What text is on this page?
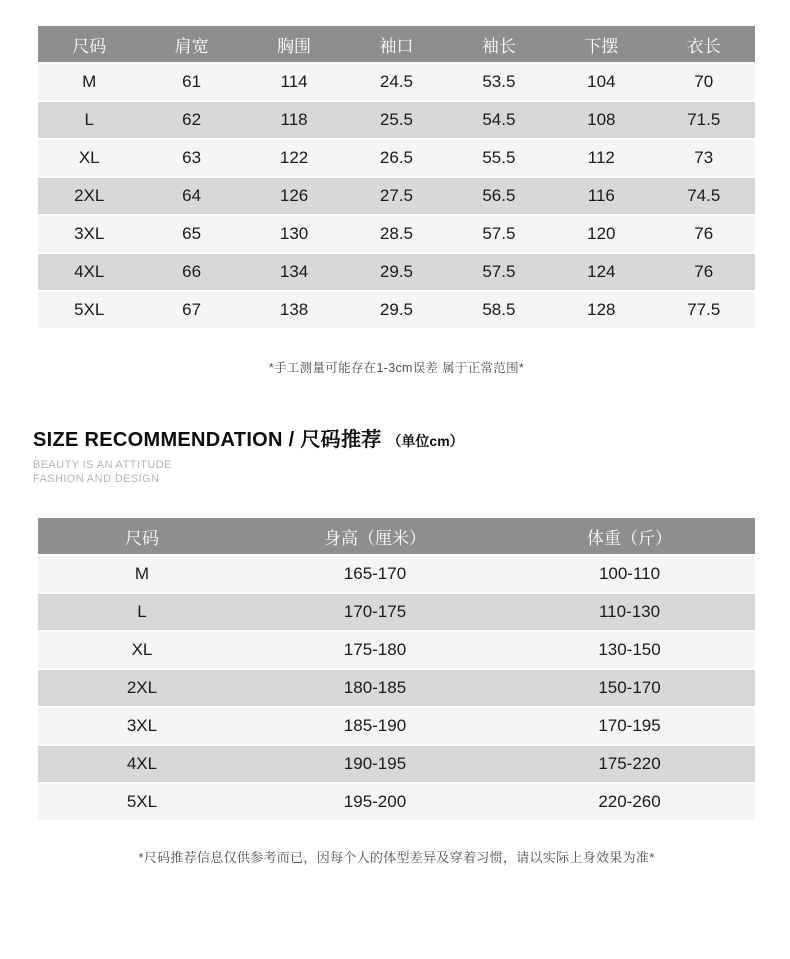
尺码	肩宽	胸围	袖口	袖长	下摆	衣长
M	61	114	24.5	53.5	104	70
L	62	118	25.5	54.5	108	71.5
XL	63	122	26.5	55.5	112	73
2XL	64	126	27.5	56.5	116	74.5
3XL	65	130	28.5	57.5	120	76
4XL	66	134	29.5	57.5	124	76
5XL	67	138	29.5	58.5	128	77.5
*手工测量可能存在1-3cm误差 属于正常范围*
SIZE RECOMMENDATION / 尺码推荐 （单位cm）
BEAUTY IS AN ATTITUDE
FASHION AND DESIGN
尺码	身高（厘米）	体重（斤）
M	165-170	100-110
L	170-175	110-130
XL	175-180	130-150
2XL	180-185	150-170
3XL	185-190	170-195
4XL	190-195	175-220
5XL	195-200	220-260
*尺码推荐信息仅供参考而已，因每个人的体型差异及穿着习惯，请以实际上身效果为准*
